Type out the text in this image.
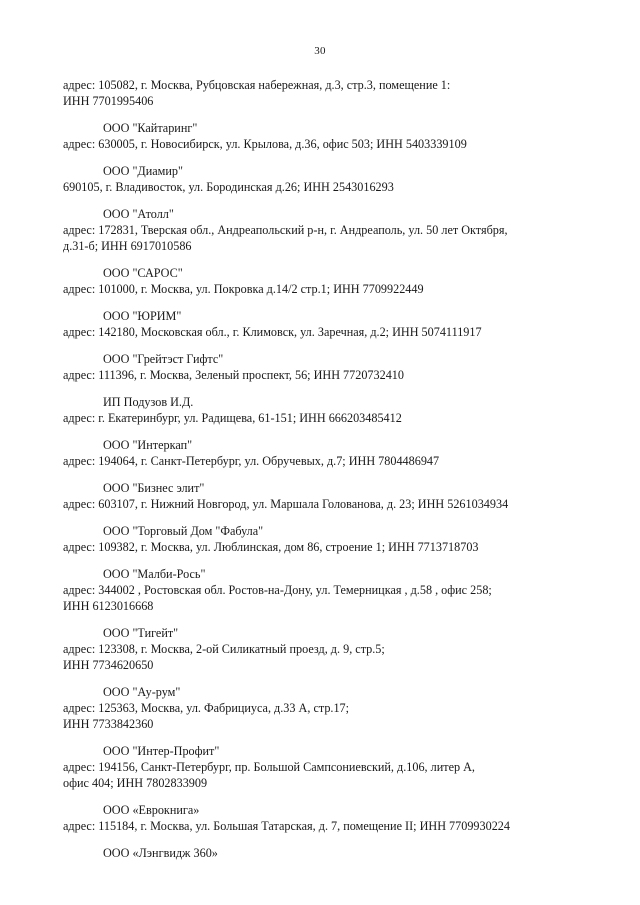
30
адрес: 105082, г. Москва, Рубцовская набережная, д.3, стр.3, помещение 1:
ИНН 7701995406
ООО "Кайтаринг"
адрес: 630005, г. Новосибирск, ул. Крылова, д.36, офис 503; ИНН 5403339109
ООО "Диамир"
690105, г. Владивосток, ул. Бородинская д.26; ИНН 2543016293
ООО "Атолл"
адрес: 172831, Тверская обл., Андреапольский р-н, г. Андреаполь, ул. 50 лет Октября,
д.31-б; ИНН 6917010586
ООО "САРОС"
адрес: 101000, г. Москва, ул. Покровка д.14/2 стр.1; ИНН 7709922449
ООО "ЮРИМ"
адрес: 142180, Московская обл., г. Климовск, ул. Заречная, д.2; ИНН 5074111917
ООО "Грейтэст Гифтс"
адрес: 111396, г. Москва, Зеленый проспект, 56; ИНН 7720732410
ИП Подузов И.Д.
адрес: г. Екатеринбург, ул. Радищева, 61-151; ИНН 666203485412
ООО "Интеркап"
адрес: 194064, г. Санкт-Петербург, ул. Обручевых, д.7; ИНН 7804486947
ООО "Бизнес элит"
адрес: 603107, г. Нижний Новгород, ул. Маршала Голованова, д. 23; ИНН 5261034934
ООО "Торговый Дом "Фабула"
адрес: 109382, г. Москва, ул. Люблинская, дом 86, строение 1; ИНН 7713718703
ООО "Малби-Рось"
адрес: 344002 , Ростовская обл. Ростов-на-Дону, ул. Темерницкая , д.58 , офис 258;
ИНН 6123016668
ООО "Тигейт"
адрес: 123308, г. Москва, 2-ой Силикатный проезд, д. 9, стр.5;
ИНН 7734620650
ООО "Ау-рум"
адрес: 125363, Москва, ул. Фабрициуса, д.33 А, стр.17;
ИНН 7733842360
ООО "Интер-Профит"
адрес: 194156, Санкт-Петербург, пр. Большой Сампсониевский, д.106, литер А,
офис 404; ИНН 7802833909
ООО «Еврокнига»
адрес: 115184, г. Москва, ул. Большая Татарская, д. 7, помещение II; ИНН 7709930224
ООО «Лэнгвидж 360»
